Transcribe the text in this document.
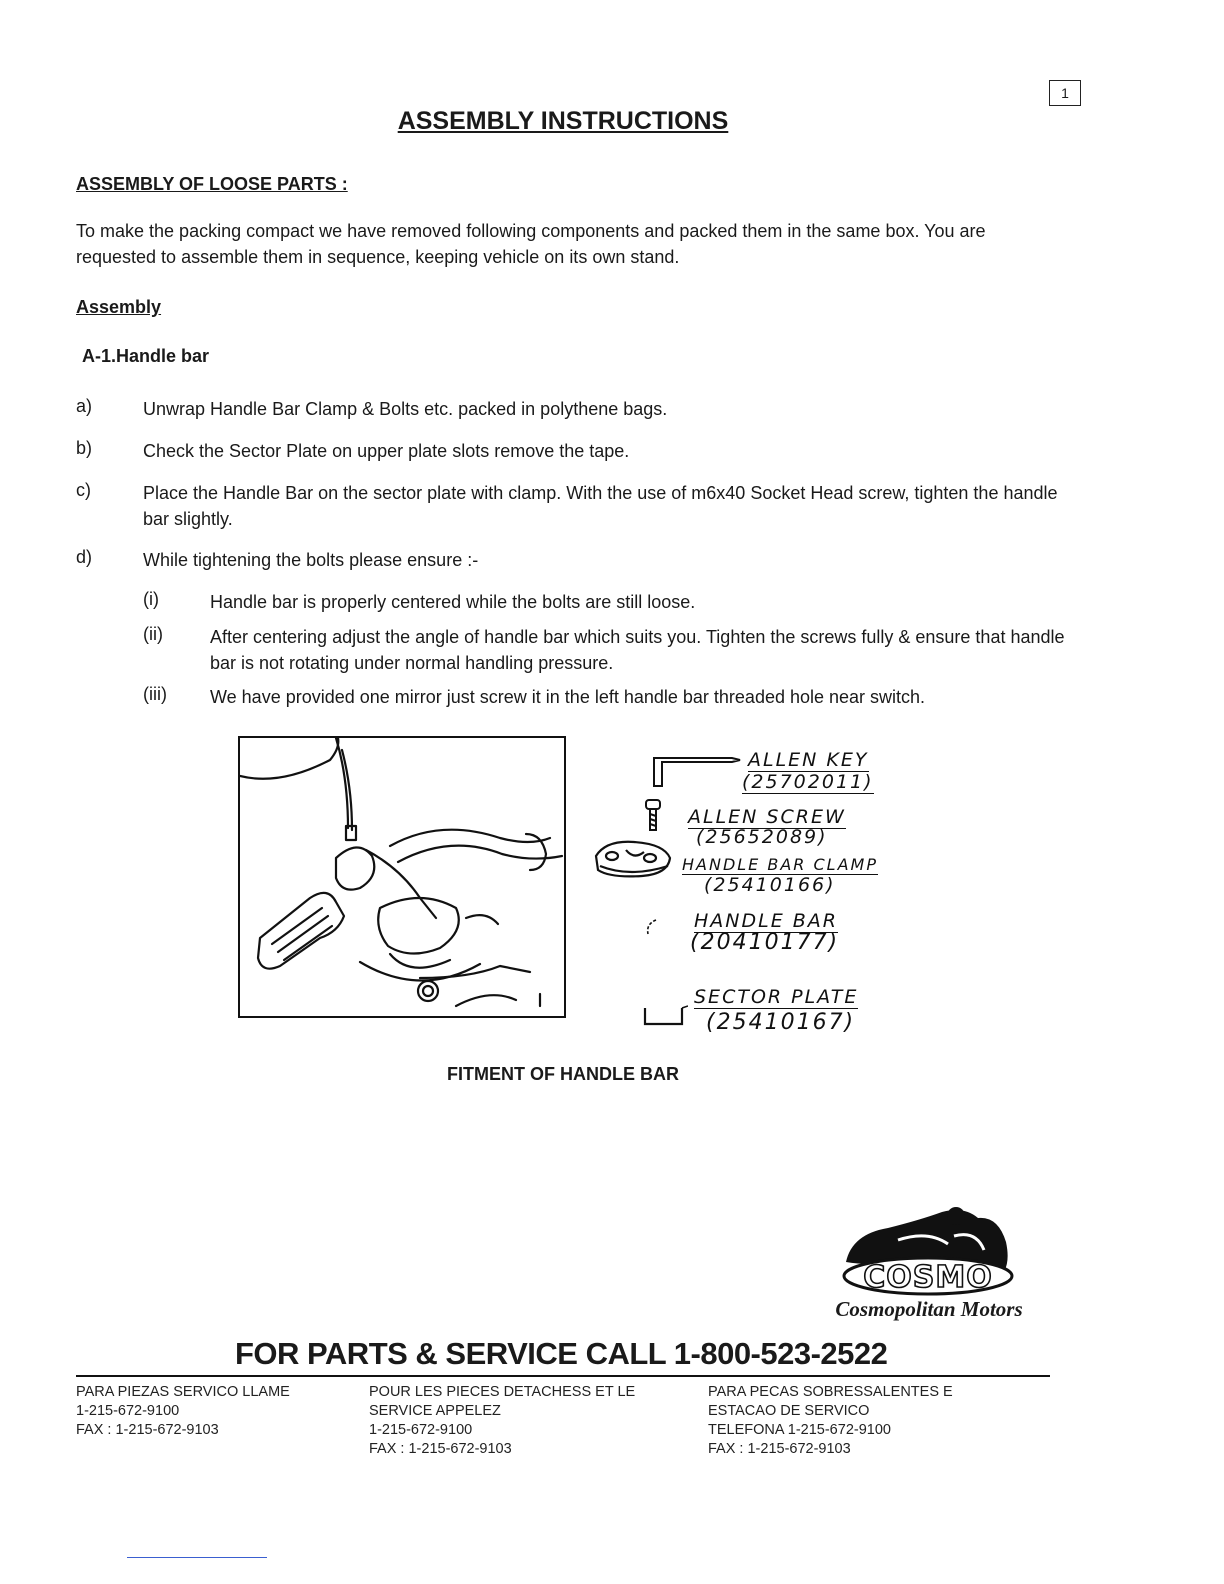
1
ASSEMBLY INSTRUCTIONS
ASSEMBLY OF LOOSE PARTS :
To make the packing compact we have removed following components and packed them in the same box. You are requested to assemble them in sequence, keeping vehicle on its own stand.
Assembly
A-1.Handle bar
a)	Unwrap Handle Bar Clamp & Bolts etc. packed in polythene bags.
b)	Check the Sector Plate on upper plate slots remove the tape.
c)	Place the Handle Bar on the sector plate with clamp. With the use of m6x40 Socket Head screw, tighten the handle bar slightly.
d)	While tightening the bolts please ensure :-
(i)	Handle bar is properly centered while the bolts are still loose.
(ii)	After centering adjust the angle of handle bar which suits you. Tighten the screws fully & ensure that handle bar is not rotating under normal handling pressure.
(iii) We have provided one mirror just screw it in the left handle bar threaded hole near switch.
ALLEN KEY
(25702011)
ALLEN SCREW
(25652089)
HANDLE BAR CLAMP
(25410166)
HANDLE BAR
(20410177)
SECTOR PLATE
(25410167)
FITMENT OF HANDLE BAR
COSMO
Cosmopolitan Motors
FOR PARTS & SERVICE CALL 1-800-523-2522
PARA PIEZAS SERVICO LLAME
1-215-672-9100
FAX : 1-215-672-9103
POUR LES PIECES DETACHESS ET LE
SERVICE APPELEZ
1-215-672-9100
FAX : 1-215-672-9103
PARA PECAS SOBRESSALENTES E
ESTACAO DE SERVICO
TELEFONA 1-215-672-9100
FAX : 1-215-672-9103
